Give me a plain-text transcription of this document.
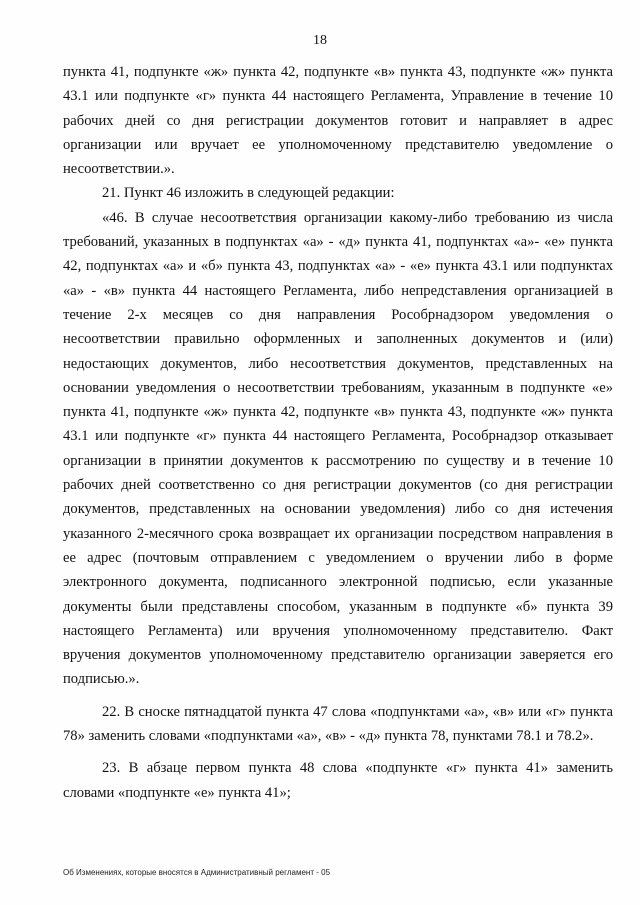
18

пункта 41, подпункте «ж» пункта 42, подпункте «в» пункта 43, подпункте «ж» пункта 43.1 или подпункте «г» пункта 44 настоящего Регламента, Управление в течение 10 рабочих дней со дня регистрации документов готовит и направляет в адрес организации или вручает ее уполномоченному представителю уведомление о несоответствии.».

21. Пункт 46 изложить в следующей редакции:

«46. В случае несоответствия организации какому-либо требованию из числа требований, указанных в подпунктах «а» - «д» пункта 41, подпунктах «а»- «е» пункта 42, подпунктах «а» и «б» пункта 43, подпунктах «а» - «е» пункта 43.1 или подпунктах «а» - «в» пункта 44 настоящего Регламента, либо непредставления организацией в течение 2-х месяцев со дня направления Рособрнадзором уведомления о несоответствии правильно оформленных и заполненных документов и (или) недостающих документов, либо несоответствия документов, представленных на основании уведомления о несоответствии требованиям, указанным в подпункте «е» пункта 41, подпункте «ж» пункта 42, подпункте «в» пункта 43, подпункте «ж» пункта 43.1 или подпункте «г» пункта 44 настоящего Регламента, Рособрнадзор отказывает организации в принятии документов к рассмотрению по существу и в течение 10 рабочих дней соответственно со дня регистрации документов (со дня регистрации документов, представленных на основании уведомления) либо со дня истечения указанного 2-месячного срока возвращает их организации посредством направления в ее адрес (почтовым отправлением с уведомлением о вручении либо в форме электронного документа, подписанного электронной подписью, если указанные документы были представлены способом, указанным в подпункте «б» пункта 39 настоящего Регламента) или вручения уполномоченному представителю. Факт вручения документов уполномоченному представителю организации заверяется его подписью.».

22. В сноске пятнадцатой пункта 47 слова «подпунктами «а», «в» или «г» пункта 78» заменить словами «подпунктами «а», «в» - «д» пункта 78, пунктами 78.1 и 78.2».

23. В абзаце первом пункта 48 слова «подпункте «г» пункта 41» заменить словами «подпункте «е» пункта 41»;

Об Изменениях, которые вносятся в Административный регламент - 05
